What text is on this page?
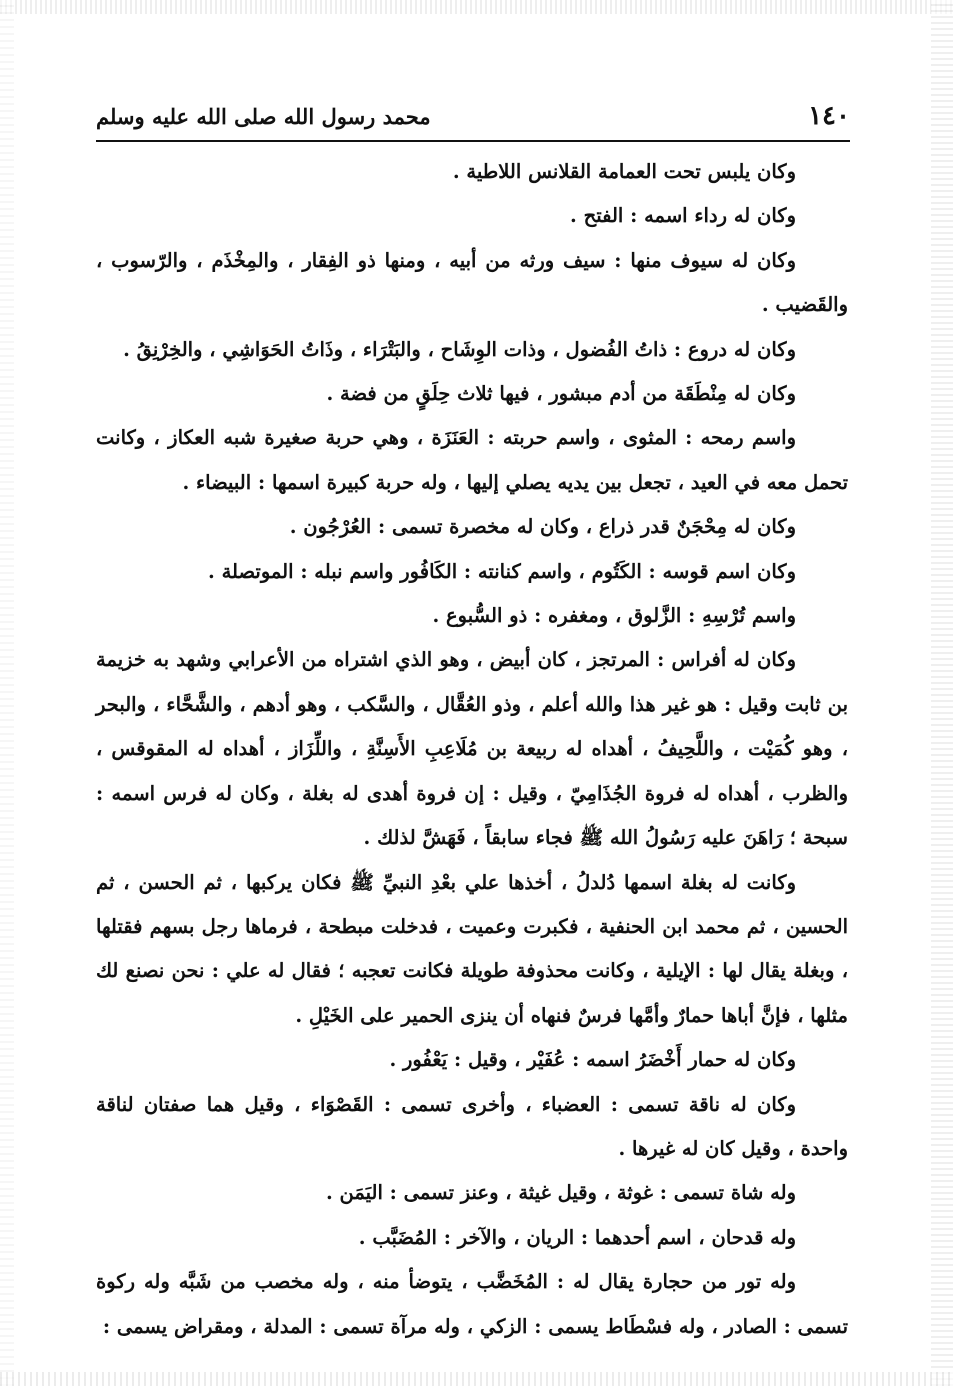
١٤٠
محمد رسول الله صلى الله عليه وسلم

وكان يلبس تحت العمامة القلانس اللاطية .

وكان له رداء اسمه : الفتح .

وكان له سيوف منها : سيف ورثه من أبيه ، ومنها ذو الفِقار ، والمِخْذَم ، والرّسوب ، والقَضيب .

وكان له دروع : ذاتُ الفُضول ، وذات الوِشَاح ، والبَتْرَاء ، وذَاتُ الحَوَاشِي ، والخِرْنِقُ .

وكان له مِنْطَقَة من أدم مبشور ، فيها ثلاث حِلَقٍ من فضة .

واسم رمحه : المثوى ، واسم حربته : العَنَزَة ، وهي حربة صغيرة شبه العكاز ، وكانت تحمل معه في العيد ، تجعل بين يديه يصلي إليها ، وله حربة كبيرة اسمها : البيضاء .

وكان له مِحْجَنٌ قدر ذراع ، وكان له مخصرة تسمى : العُرْجُون .

وكان اسم قوسه : الكَتُوم ، واسم كنانته : الكَافُور واسم نبله : الموتصلة .

واسم تُرْسِهِ : الزَّلوق ، ومغفره : ذو السُّبوع .

وكان له أفراس : المرتجز ، كان أبيض ، وهو الذي اشتراه من الأعرابي وشهد به خزيمة بن ثابت وقيل : هو غير هذا والله أعلم ، وذو العُقَّال ، والسَّكب ، وهو أدهم ، والشَّحَّاء ، والبحر ، وهو كُمَيْت ، واللَّحِيفُ ، أهداه له ربيعة بن مُلَاعِبِ الأَسِنَّةِ ، واللِّزَاز ، أهداه له المقوقس ، والظرب ، أهداه له فروة الجُذَامِيّ ، وقيل : إن فروة أهدى له بغلة ، وكان له فرس اسمه : سبحة ؛ رَاهَنَ عليه رَسُولُ الله ﷺ فجاء سابقاً ، فَهَشَّ لذلك .

وكانت له بغلة اسمها دُلدلُ ، أخذها علي بعْدِ النبيِّ ﷺ فكان يركبها ، ثم الحسن ، ثم الحسين ، ثم محمد ابن الحنفية ، فكبرت وعميت ، فدخلت مبطحة ، فرماها رجل بسهم فقتلها ، وبغلة يقال لها : الإيلية ، وكانت محذوفة طويلة فكانت تعجبه ؛ فقال له علي : نحن نصنع لك مثلها ، فإنَّ أباها حمارٌ وأمَّها فرسٌ فنهاه أن ينزى الحمير على الخَيْلِ .

وكان له حمار أَخْضَرُ اسمه : عُفَيْر ، وقيل : يَعْفُور .

وكان له ناقة تسمى : العضباء ، وأخرى تسمى : القَصْوَاء ، وقيل هما صفتان لناقة واحدة ، وقيل كان له غيرها .

وله شاة تسمى : غوثة ، وقيل غيثة ، وعنز تسمى : اليَمَن .

وله قدحان ، اسم أحدهما : الريان ، والآخر : المُضَبَّب .

وله تور من حجارة يقال له : المُخَضَّب ، يتوضأ منه ، وله مخصب من شَبَّه وله ركوة تسمى : الصادر ، وله فسْطَاط يسمى : الزكي ، وله مرآة تسمى : المدلة ، ومقراض يسمى :
